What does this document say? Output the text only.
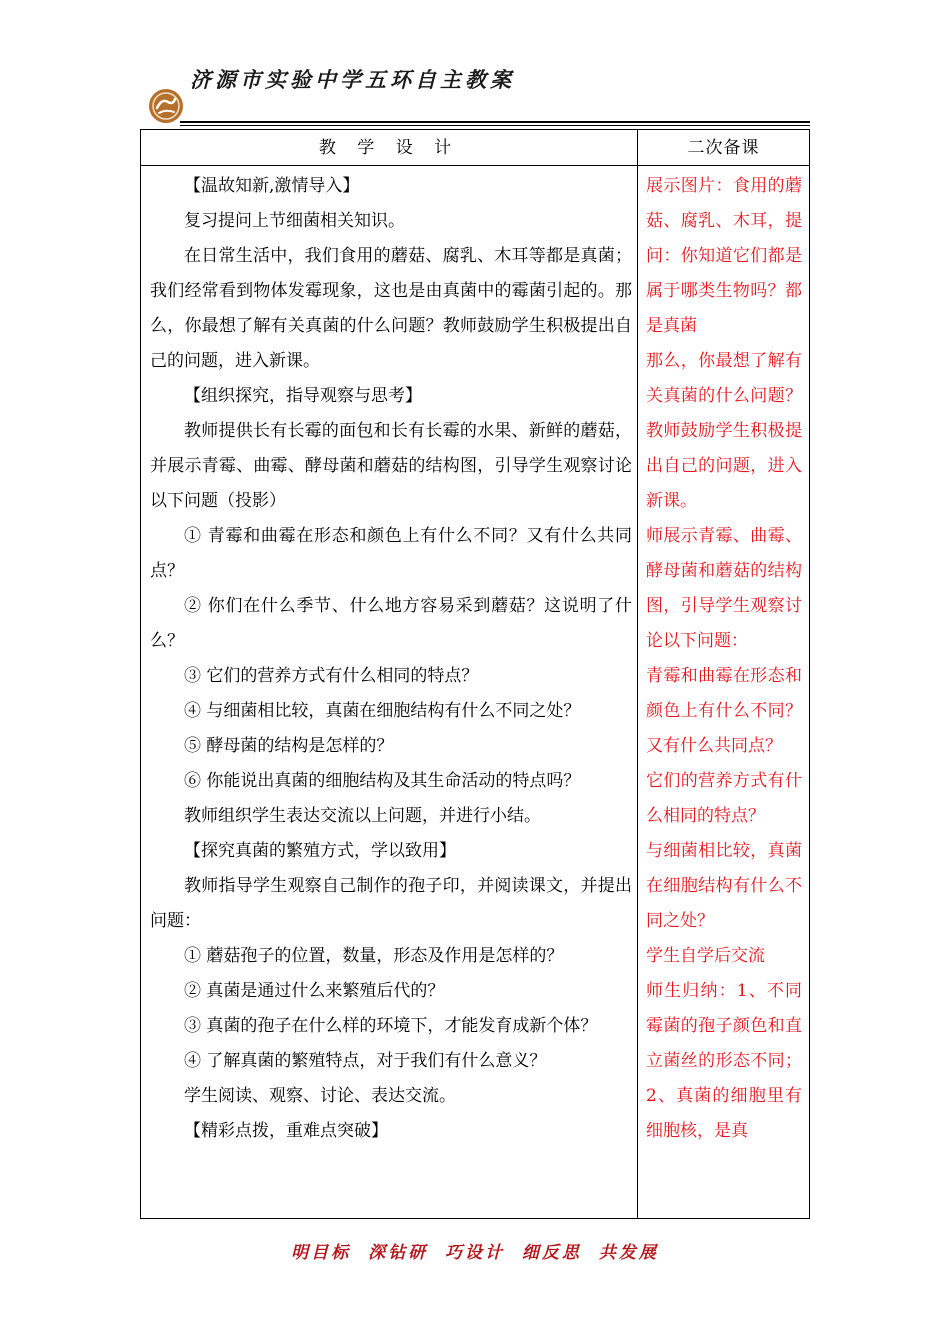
济源市实验中学五环自主教案
教 学 设 计	二次备课

【温故知新,激情导入】

复习提问上节细菌相关知识。

在日常生活中，我们食用的蘑菇、腐乳、木耳等都是真菌；我们经常看到物体发霉现象，这也是由真菌中的霉菌引起的。那么，你最想了解有关真菌的什么问题？教师鼓励学生积极提出自己的问题，进入新课。

【组织探究，指导观察与思考】

教师提供长有长霉的面包和长有长霉的水果、新鲜的蘑菇，并展示青霉、曲霉、酵母菌和蘑菇的结构图，引导学生观察讨论以下问题（投影）

① 青霉和曲霉在形态和颜色上有什么不同？又有什么共同点？

② 你们在什么季节、什么地方容易采到蘑菇？这说明了什么？

③ 它们的营养方式有什么相同的特点？

④ 与细菌相比较，真菌在细胞结构有什么不同之处？

⑤ 酵母菌的结构是怎样的？

⑥ 你能说出真菌的细胞结构及其生命活动的特点吗？

教师组织学生表达交流以上问题，并进行小结。

【探究真菌的繁殖方式，学以致用】

教师指导学生观察自己制作的孢子印，并阅读课文，并提出问题：

① 蘑菇孢子的位置，数量，形态及作用是怎样的？

② 真菌是通过什么来繁殖后代的？

③ 真菌的孢子在什么样的环境下，才能发育成新个体？

④ 了解真菌的繁殖特点，对于我们有什么意义？

学生阅读、观察、讨论、表达交流。

【精彩点拨，重难点突破】

展示图片：食用的蘑菇、腐乳、木耳，提问：你知道它们都是属于哪类生物吗？都是真菌

那么，你最想了解有关真菌的什么问题？教师鼓励学生积极提出自己的问题，进入新课。

师展示青霉、曲霉、酵母菌和蘑菇的结构图，引导学生观察讨论以下问题：

青霉和曲霉在形态和颜色上有什么不同？又有什么共同点？

它们的营养方式有什么相同的特点？

与细菌相比较，真菌在细胞结构有什么不同之处？

学生自学后交流

师生归纳：1、不同霉菌的孢子颜色和直立菌丝的形态不同；2、真菌的细胞里有细胞核，是真

明目标 深钻研 巧设计 细反思 共发展
